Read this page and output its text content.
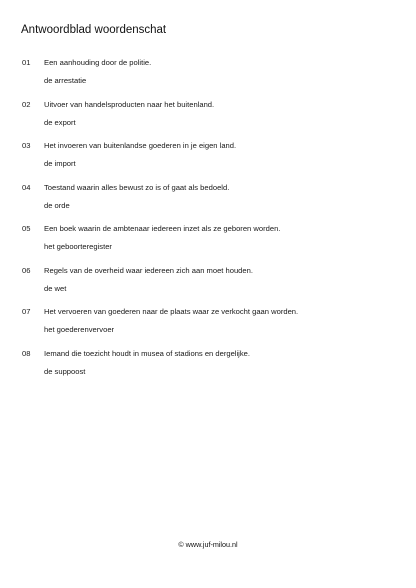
Antwoordblad woordenschat
01 Een aanhouding door de politie.
de arrestatie
02 Uitvoer van handelsproducten naar het buitenland.
de export
03 Het invoeren van buitenlandse goederen in je eigen land.
de import
04 Toestand waarin alles bewust zo is of gaat als bedoeld.
de orde
05 Een boek waarin de ambtenaar iedereen inzet als ze geboren worden.
het geboorteregister
06 Regels van de overheid waar iedereen zich aan moet houden.
de wet
07 Het vervoeren van goederen naar de plaats waar ze verkocht gaan worden.
het goederenvervoer
08 Iemand die toezicht houdt in musea of stadions en dergelijke.
de suppoost
© www.juf-milou.nl
